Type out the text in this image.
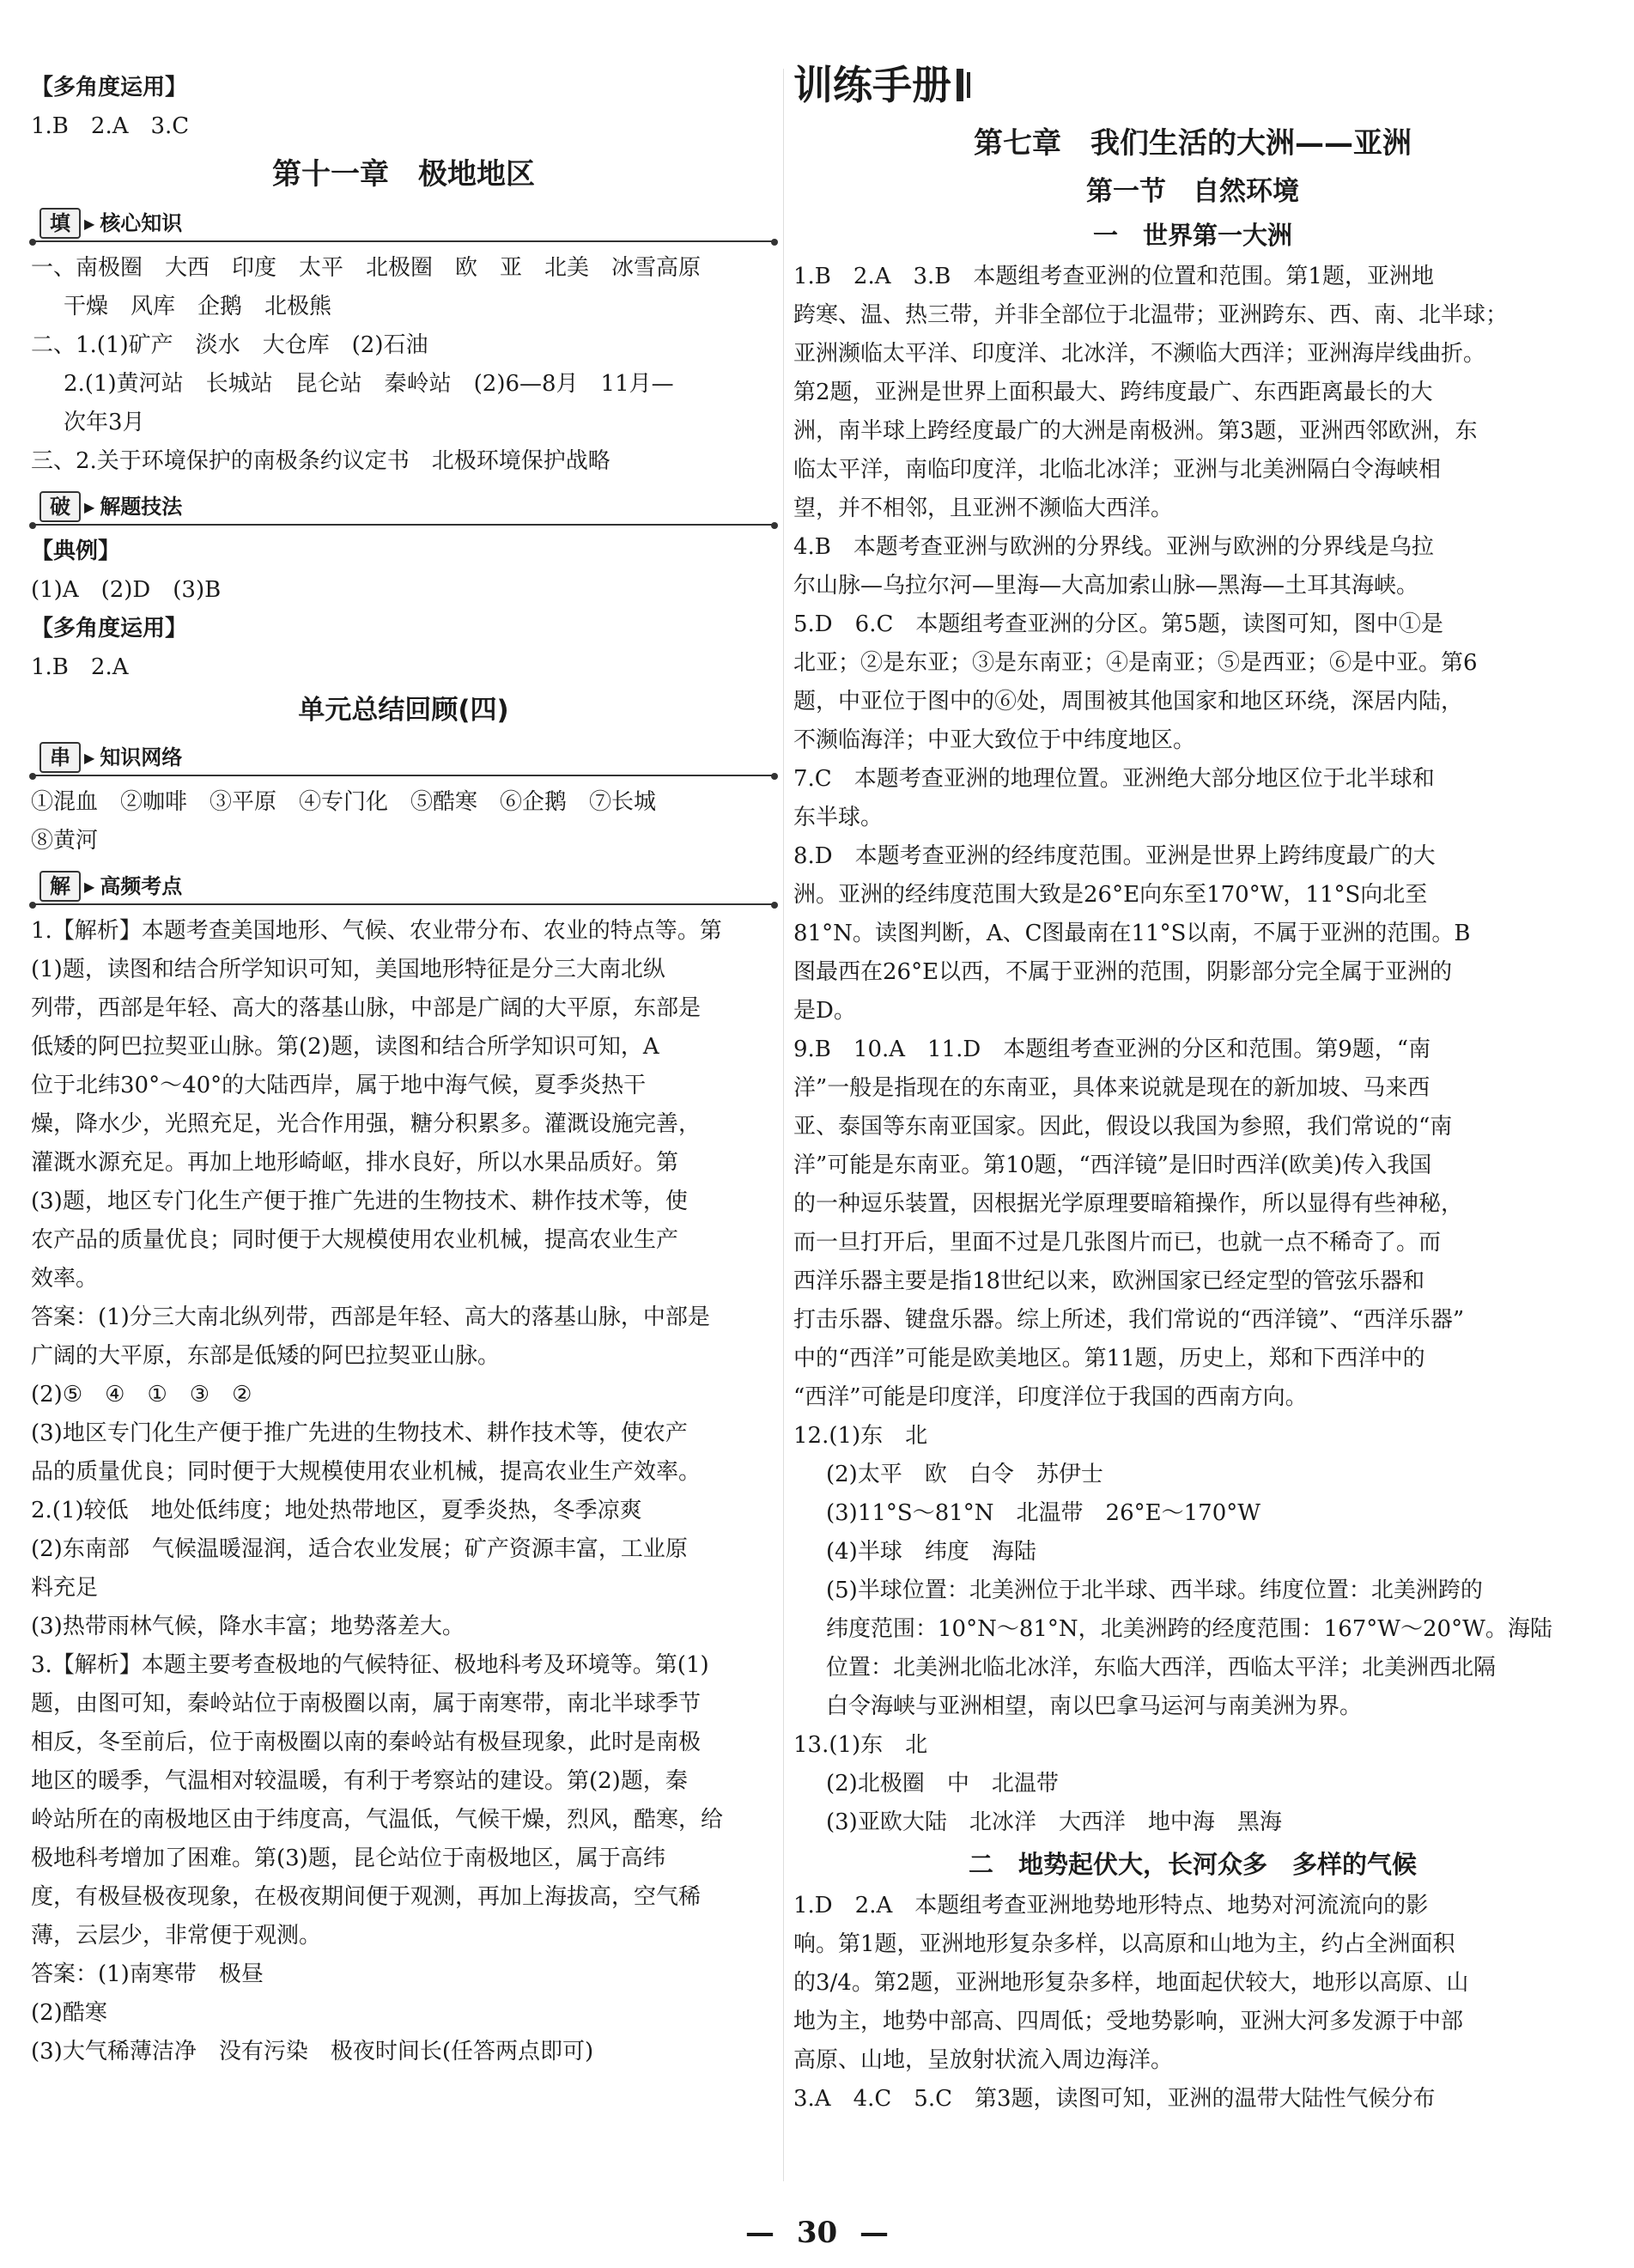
【多角度运用】
1.B　2.A　3.C
第十一章　极地地区
填	▶ 核心知识
一、南极圈　大西　印度　太平　北极圈　欧　亚　北美　冰雪高原
干燥　风库　企鹅　北极熊
二、1.(1)矿产　淡水　大仓库　(2)石油
2.(1)黄河站　长城站　昆仑站　秦岭站　(2)6—8月　11月—
次年3月
三、2.关于环境保护的南极条约议定书　北极环境保护战略
破	▶ 解题技法
【典例】
(1)A　(2)D　(3)B
【多角度运用】
1.B　2.A
单元总结回顾(四)
串	▶ 知识网络
①混血　②咖啡　③平原　④专门化　⑤酷寒　⑥企鹅　⑦长城
⑧黄河
解	▶ 高频考点
1.【解析】本题考查美国地形、气候、农业带分布、农业的特点等。第
(1)题，读图和结合所学知识可知，美国地形特征是分三大南北纵
列带，西部是年轻、高大的落基山脉，中部是广阔的大平原，东部是
低矮的阿巴拉契亚山脉。第(2)题，读图和结合所学知识可知，A
位于北纬30°～40°的大陆西岸，属于地中海气候，夏季炎热干
燥，降水少，光照充足，光合作用强，糖分积累多。灌溉设施完善，
灌溉水源充足。再加上地形崎岖，排水良好，所以水果品质好。第
(3)题，地区专门化生产便于推广先进的生物技术、耕作技术等，使
农产品的质量优良；同时便于大规模使用农业机械，提高农业生产
效率。
答案：(1)分三大南北纵列带，西部是年轻、高大的落基山脉，中部是
广阔的大平原，东部是低矮的阿巴拉契亚山脉。
(2)⑤　④　①　③　②
(3)地区专门化生产便于推广先进的生物技术、耕作技术等，使农产
品的质量优良；同时便于大规模使用农业机械，提高农业生产效率。
2.(1)较低　地处低纬度；地处热带地区，夏季炎热，冬季凉爽
(2)东南部　气候温暖湿润，适合农业发展；矿产资源丰富，工业原
料充足
(3)热带雨林气候，降水丰富；地势落差大。
3.【解析】本题主要考查极地的气候特征、极地科考及环境等。第(1)
题，由图可知，秦岭站位于南极圈以南，属于南寒带，南北半球季节
相反，冬至前后，位于南极圈以南的秦岭站有极昼现象，此时是南极
地区的暖季，气温相对较温暖，有利于考察站的建设。第(2)题，秦
岭站所在的南极地区由于纬度高，气温低，气候干燥，烈风，酷寒，给
极地科考增加了困难。第(3)题，昆仑站位于南极地区，属于高纬
度，有极昼极夜现象，在极夜期间便于观测，再加上海拔高，空气稀
薄，云层少，非常便于观测。
答案：(1)南寒带　极昼
(2)酷寒
(3)大气稀薄洁净　没有污染　极夜时间长(任答两点即可)
训练手册
第七章　我们生活的大洲——亚洲
第一节　自然环境
一　世界第一大洲
1.B　2.A　3.B　本题组考查亚洲的位置和范围。第1题，亚洲地
跨寒、温、热三带，并非全部位于北温带；亚洲跨东、西、南、北半球；
亚洲濒临太平洋、印度洋、北冰洋，不濒临大西洋；亚洲海岸线曲折。
第2题，亚洲是世界上面积最大、跨纬度最广、东西距离最长的大
洲，南半球上跨经度最广的大洲是南极洲。第3题，亚洲西邻欧洲，东
临太平洋，南临印度洋，北临北冰洋；亚洲与北美洲隔白令海峡相
望，并不相邻，且亚洲不濒临大西洋。
4.B　本题考查亚洲与欧洲的分界线。亚洲与欧洲的分界线是乌拉
尔山脉—乌拉尔河—里海—大高加索山脉—黑海—土耳其海峡。
5.D　6.C　本题组考查亚洲的分区。第5题，读图可知，图中①是
北亚；②是东亚；③是东南亚；④是南亚；⑤是西亚；⑥是中亚。第6
题，中亚位于图中的⑥处，周围被其他国家和地区环绕，深居内陆，
不濒临海洋；中亚大致位于中纬度地区。
7.C　本题考查亚洲的地理位置。亚洲绝大部分地区位于北半球和
东半球。
8.D　本题考查亚洲的经纬度范围。亚洲是世界上跨纬度最广的大
洲。亚洲的经纬度范围大致是26°E向东至170°W，11°S向北至
81°N。读图判断，A、C图最南在11°S以南，不属于亚洲的范围。B
图最西在26°E以西，不属于亚洲的范围，阴影部分完全属于亚洲的
是D。
9.B　10.A　11.D　本题组考查亚洲的分区和范围。第9题，“南
洋”一般是指现在的东南亚，具体来说就是现在的新加坡、马来西
亚、泰国等东南亚国家。因此，假设以我国为参照，我们常说的“南
洋”可能是东南亚。第10题，“西洋镜”是旧时西洋(欧美)传入我国
的一种逗乐装置，因根据光学原理要暗箱操作，所以显得有些神秘，
而一旦打开后，里面不过是几张图片而已，也就一点不稀奇了。而
西洋乐器主要是指18世纪以来，欧洲国家已经定型的管弦乐器和
打击乐器、键盘乐器。综上所述，我们常说的“西洋镜”、“西洋乐器”
中的“西洋”可能是欧美地区。第11题，历史上，郑和下西洋中的
“西洋”可能是印度洋，印度洋位于我国的西南方向。
12.(1)东　北
(2)太平　欧　白令　苏伊士
(3)11°S～81°N　北温带　26°E～170°W
(4)半球　纬度　海陆
(5)半球位置：北美洲位于北半球、西半球。纬度位置：北美洲跨的
纬度范围：10°N～81°N，北美洲跨的经度范围：167°W～20°W。海陆
位置：北美洲北临北冰洋，东临大西洋，西临太平洋；北美洲西北隔
白令海峡与亚洲相望，南以巴拿马运河与南美洲为界。
13.(1)东　北
(2)北极圈　中　北温带
(3)亚欧大陆　北冰洋　大西洋　地中海　黑海
二　地势起伏大，长河众多　多样的气候
1.D　2.A　本题组考查亚洲地势地形特点、地势对河流流向的影
响。第1题，亚洲地形复杂多样，以高原和山地为主，约占全洲面积
的3/4。第2题，亚洲地形复杂多样，地面起伏较大，地形以高原、山
地为主，地势中部高、四周低；受地势影响，亚洲大河多发源于中部
高原、山地，呈放射状流入周边海洋。
3.A　4.C　5.C　第3题，读图可知，亚洲的温带大陆性气候分布
— 30 —
